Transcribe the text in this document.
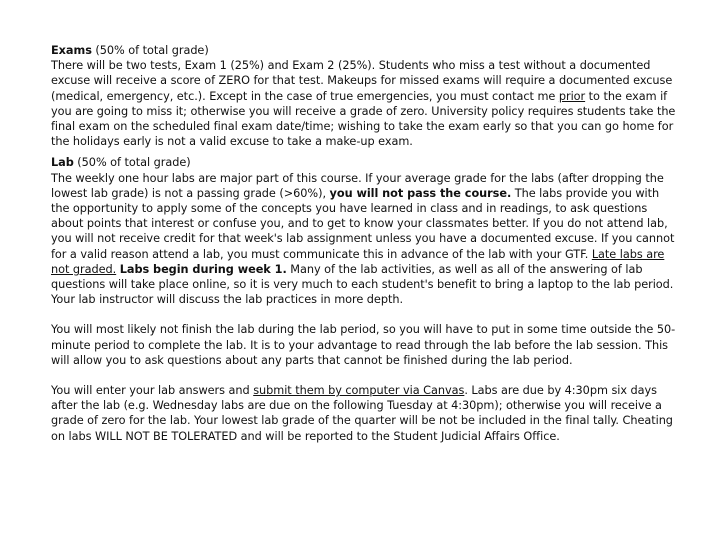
Exams (50% of total grade)

There will be two tests, Exam 1 (25%) and Exam 2 (25%). Students who miss a test without a documented excuse will receive a score of ZERO for that test. Makeups for missed exams will require a documented excuse (medical, emergency, etc.). Except in the case of true emergencies, you must contact me prior to the exam if you are going to miss it; otherwise you will receive a grade of zero. University policy requires students take the final exam on the scheduled final exam date/time; wishing to take the exam early so that you can go home for the holidays early is not a valid excuse to take a make-up exam.

Lab (50% of total grade)

The weekly one hour labs are major part of this course. If your average grade for the labs (after dropping the lowest lab grade) is not a passing grade (>60%), you will not pass the course. The labs provide you with the opportunity to apply some of the concepts you have learned in class and in readings, to ask questions about points that interest or confuse you, and to get to know your classmates better. If you do not attend lab, you will not receive credit for that week's lab assignment unless you have a documented excuse. If you cannot for a valid reason attend a lab, you must communicate this in advance of the lab with your GTF. Late labs are not graded. Labs begin during week 1. Many of the lab activities, as well as all of the answering of lab questions will take place online, so it is very much to each student's benefit to bring a laptop to the lab period. Your lab instructor will discuss the lab practices in more depth.

You will most likely not finish the lab during the lab period, so you will have to put in some time outside the 50-minute period to complete the lab. It is to your advantage to read through the lab before the lab session. This will allow you to ask questions about any parts that cannot be finished during the lab period.

You will enter your lab answers and submit them by computer via Canvas. Labs are due by 4:30pm six days after the lab (e.g. Wednesday labs are due on the following Tuesday at 4:30pm); otherwise you will receive a grade of zero for the lab. Your lowest lab grade of the quarter will be not be included in the final tally. Cheating on labs WILL NOT BE TOLERATED and will be reported to the Student Judicial Affairs Office.
